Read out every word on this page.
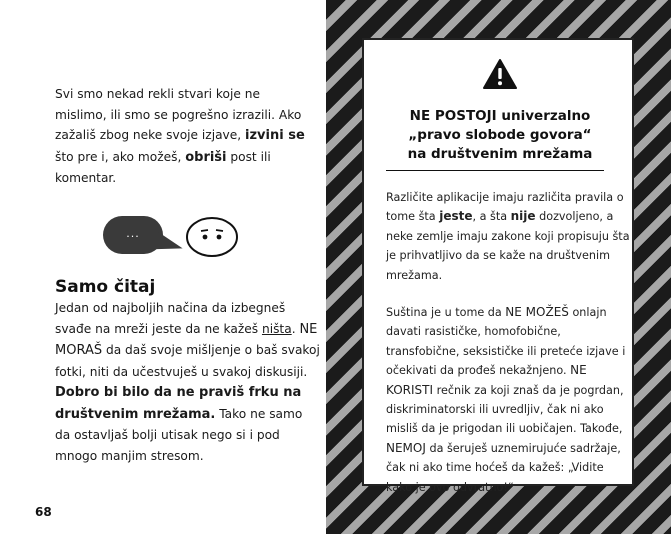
Svi smo nekad rekli stvari koje ne mislimo, ili smo se pogrešno izrazili. Ako zažališ zbog neke svoje izjave, izvini se što pre i, ako možeš, obriši post ili komentar.

...
Samo čitaj

Jedan od najboljih načina da izbegneš svađe na mreži jeste da ne kažeš ništa. NE MORAŠ da daš svoje mišljenje o baš svakoj fotki, niti da učestvuješ u svakoj diskusiji. Dobro bi bilo da ne praviš frku na društvenim mrežama. Tako ne samo da ostavljaš bolji utisak nego si i pod mnogo manjim stresom.

68
NE POSTOJI univerzalno
„pravo slobode govora“
na društvenim mrežama

Različite aplikacije imaju različita pravila o tome šta jeste, a šta nije dozvoljeno, a neke zemlje imaju zakone koji propisuju šta je prihvatljivo da se kaže na društvenim mrežama.

Suština je u tome da NE MOŽEŠ onlajn davati rasističke, homofobične, transfobične, seksističke ili preteće izjave i očekivati da prođeš nekažnjeno. NE KORISTI rečnik za koji znaš da je pogrdan, diskriminatorski ili uvredljiv, čak ni ako misliš da je prigodan ili uobičajen. Takođe, NEMOJ da šeruješ uznemirujuće sadržaje, čak ni ako time hoćeš da kažeš: „Vidite kako je ovo odvratno!“
